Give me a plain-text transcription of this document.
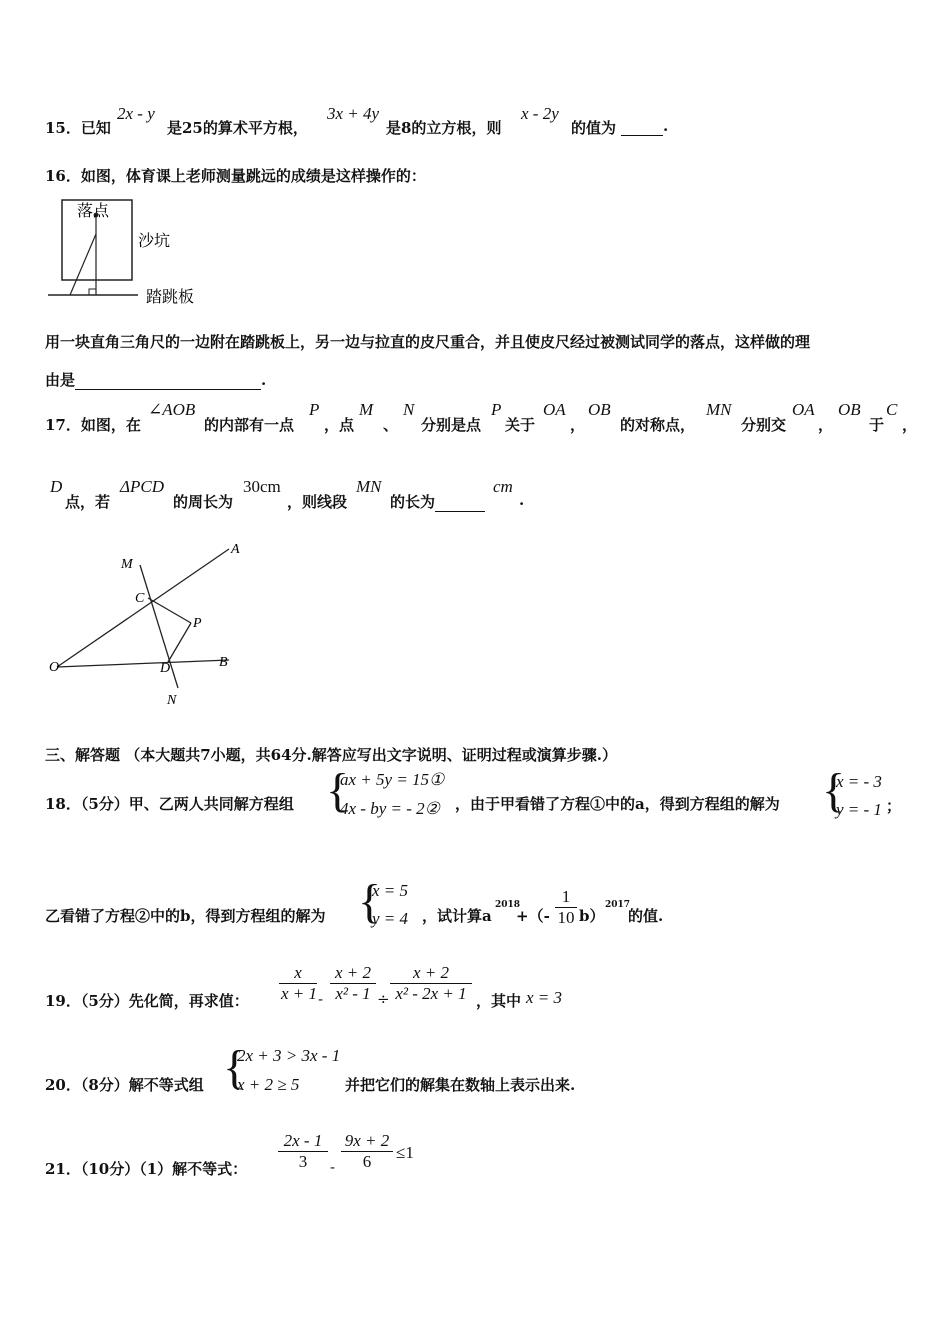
15．已知
2x - y
是25的算术平方根，
3x + 4y
是8的立方根，则
x - 2y
的值为	.
16．如图，体育课上老师测量跳远的成绩是这样操作的：
落点
沙坑
踏跳板
用一块直角三角尺的一边附在踏跳板上，另一边与拉直的皮尺重合，并且使皮尺经过被测试同学的落点，这样做的理
由是	.
17．如图，在
∠AOB
的内部有一点
P
，点
M
、
N
分别是点
P
关于
OA
，
OB
的对称点，
MN
分别交
OA
，
OB
于
C
，
D
点，若
ΔPCD
的周长为
30cm
，则线段
MN
的长为
cm
.
A
B
O
M
N
C
D
P
三、解答题 （本大题共7小题，共64分.解答应写出文字说明、证明过程或演算步骤.）
18．（5分）甲、乙两人共同解方程组 {
ax + 5y = 15①
4x - by = - 2② ，由于甲看错了方程①中的a，得到方程组的解为 {
x = - 3
y = - 1 ；
乙看错了方程②中的b，得到方程组的解为 {
x = 5
y = 4 ，试计算a
2018
+（- $\frac{1}{10} b$）
2017
的值.
19．（5分）先化简，再求值： $\frac{x}{x + 1} - \frac{x + 2}{\text{x² - 1}} \div \frac{x + 2}{\text{x² - 2x + 1}}$ ，其中 x = 3
20．（8分）解不等式组 {
2x + 3 > 3x - 1
x + 2 ≥ 5	并把它们的解集在数轴上表示出来.
21．（10分）（1）解不等式： $\frac{2x - 1}{3} - \frac{9x + 2}{6} \le 1$
